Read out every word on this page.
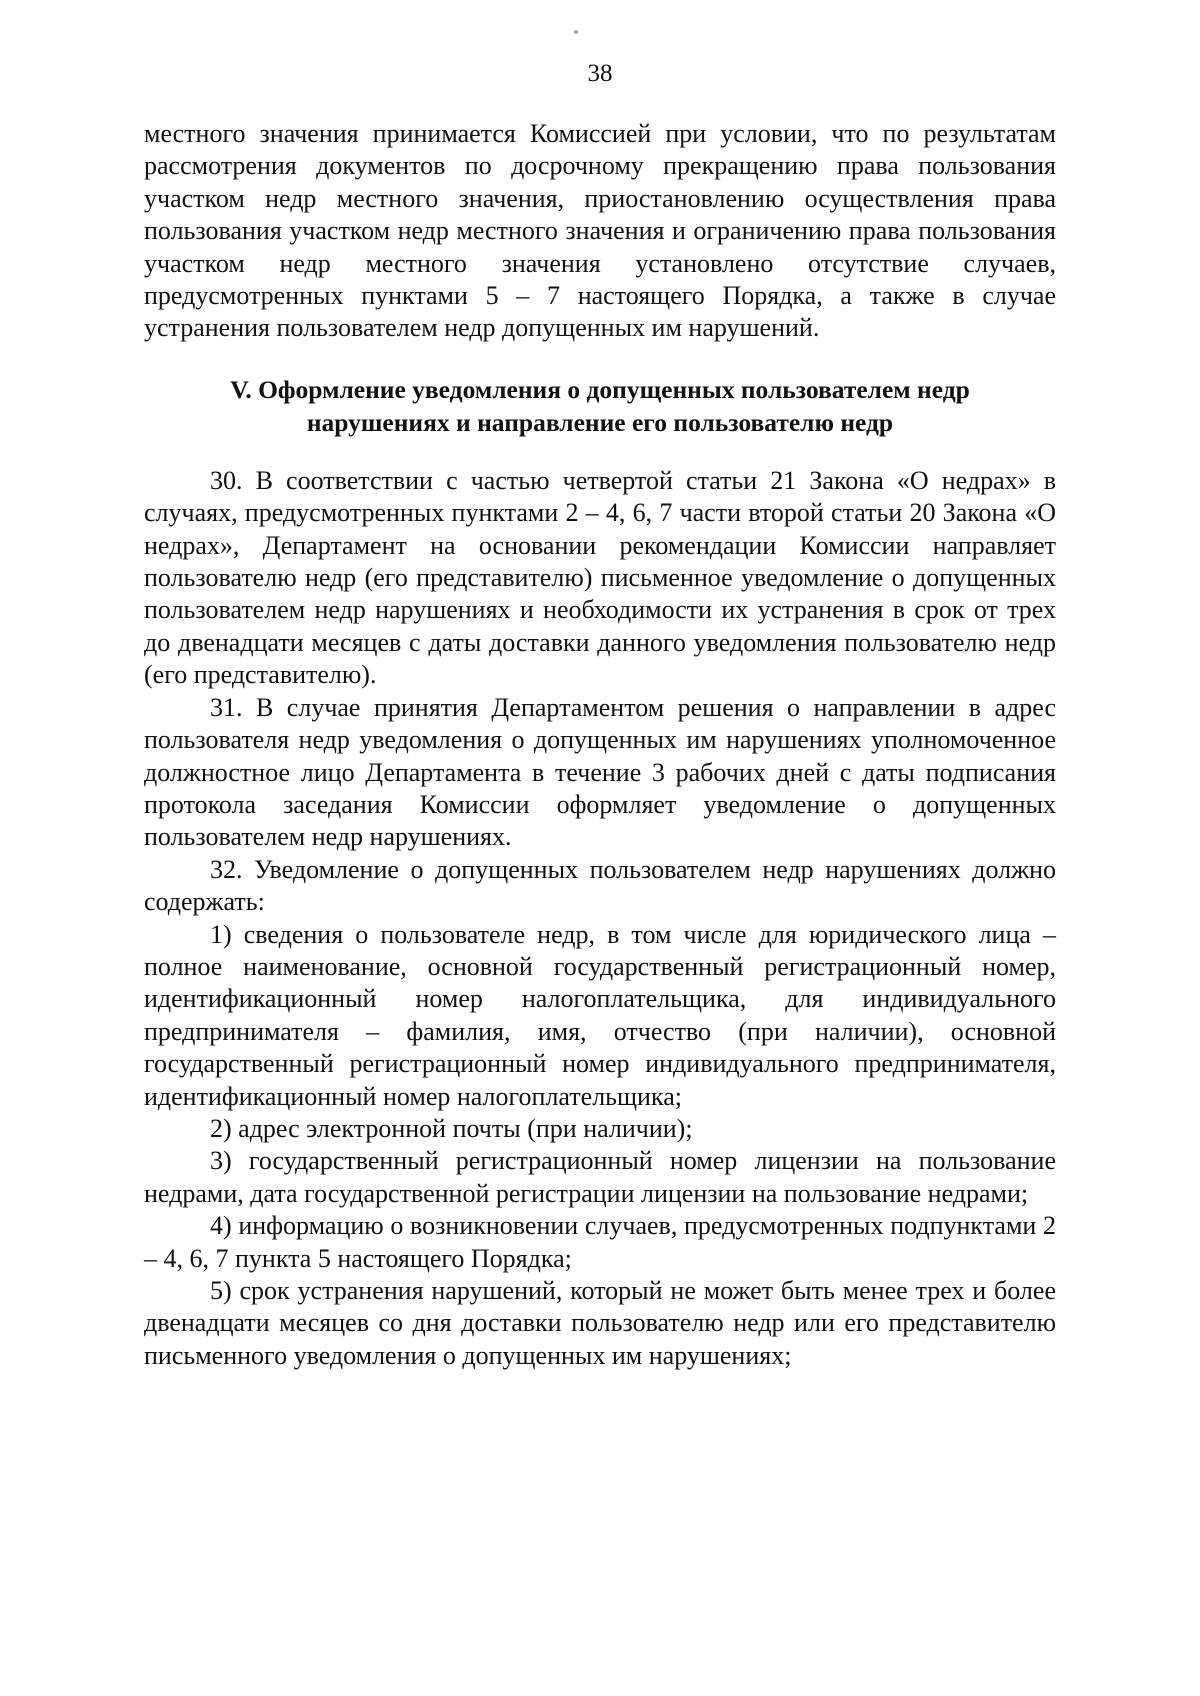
38

местного значения принимается Комиссией при условии, что по результатам рассмотрения документов по досрочному прекращению права пользования участком недр местного значения, приостановлению осуществления права пользования участком недр местного значения и ограничению права пользования участком недр местного значения установлено отсутствие случаев, предусмотренных пунктами 5 – 7 настоящего Порядка, а также в случае устранения пользователем недр допущенных им нарушений.

V. Оформление уведомления о допущенных пользователем недр
нарушениях и направление его пользователю недр

30. В соответствии с частью четвертой статьи 21 Закона «О недрах» в случаях, предусмотренных пунктами 2 – 4, 6, 7 части второй статьи 20 Закона «О недрах», Департамент на основании рекомендации Комиссии направляет пользователю недр (его представителю) письменное уведомление о допущенных пользователем недр нарушениях и необходимости их устранения в срок от трех до двенадцати месяцев с даты доставки данного уведомления пользователю недр (его представителю).

31. В случае принятия Департаментом решения о направлении в адрес пользователя недр уведомления о допущенных им нарушениях уполномоченное должностное лицо Департамента в течение 3 рабочих дней с даты подписания протокола заседания Комиссии оформляет уведомление о допущенных пользователем недр нарушениях.

32. Уведомление о допущенных пользователем недр нарушениях должно содержать:

1) сведения о пользователе недр, в том числе для юридического лица – полное наименование, основной государственный регистрационный номер, идентификационный номер налогоплательщика, для индивидуального предпринимателя – фамилия, имя, отчество (при наличии), основной государственный регистрационный номер индивидуального предпринимателя, идентификационный номер налогоплательщика;

2) адрес электронной почты (при наличии);

3) государственный регистрационный номер лицензии на пользование недрами, дата государственной регистрации лицензии на пользование недрами;

4) информацию о возникновении случаев, предусмотренных подпунктами 2 – 4, 6, 7 пункта 5 настоящего Порядка;

5) срок устранения нарушений, который не может быть менее трех и более двенадцати месяцев со дня доставки пользователю недр или его представителю письменного уведомления о допущенных им нарушениях;
